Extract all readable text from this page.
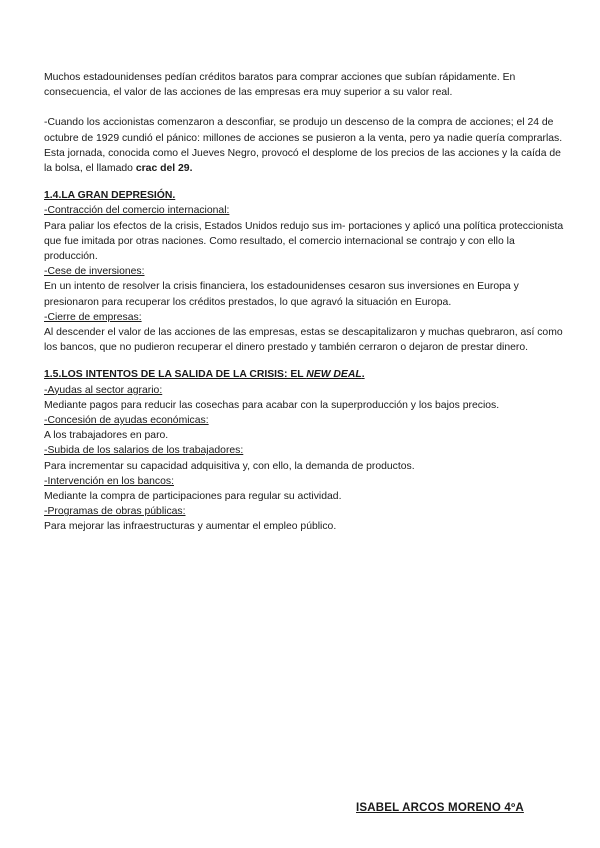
Muchos estadounidenses pedían créditos baratos para comprar acciones que subían rápidamente. En consecuencia, el valor de las acciones de las empresas era muy superior a su valor real.

-Cuando los accionistas comenzaron a desconfiar, se produjo un descenso de la compra de acciones; el 24 de octubre de 1929 cundió el pánico: millones de acciones se pusieron a la venta, pero ya nadie quería comprarlas. Esta jornada, conocida como el Jueves Negro, provocó el desplome de los precios de las acciones y la caída de la bolsa, el llamado crac del 29.

1.4.LA GRAN DEPRESIÓN.

-Contracción del comercio internacional:

Para paliar los efectos de la crisis, Estados Unidos redujo sus im- portaciones y aplicó una política proteccionista que fue imitada por otras naciones. Como resultado, el comercio internacional se contrajo y con ello la producción.

-Cese de inversiones:

En un intento de resolver la crisis financiera, los estadounidenses cesaron sus inversiones en Europa y presionaron para recuperar los créditos prestados, lo que agravó la situación en Europa.

-Cierre de empresas:

Al descender el valor de las acciones de las empresas, estas se descapitalizaron y muchas quebraron, así como los bancos, que no pudieron recuperar el dinero prestado y también cerraron o dejaron de prestar dinero.

1.5.LOS INTENTOS DE LA SALIDA DE LA CRISIS: EL NEW DEAL.

-Ayudas al sector agrario:

Mediante pagos para reducir las cosechas para acabar con la superproducción y los bajos precios.

-Concesión de ayudas económicas:

A los trabajadores en paro.

-Subida de los salarios de los trabajadores:

Para incrementar su capacidad adquisitiva y, con ello, la demanda de productos.

-Intervención en los bancos:

Mediante la compra de participaciones para regular su actividad.

-Programas de obras públicas:

Para mejorar las infraestructuras y aumentar el empleo público.

ISABEL ARCOS MORENO 4ºA
